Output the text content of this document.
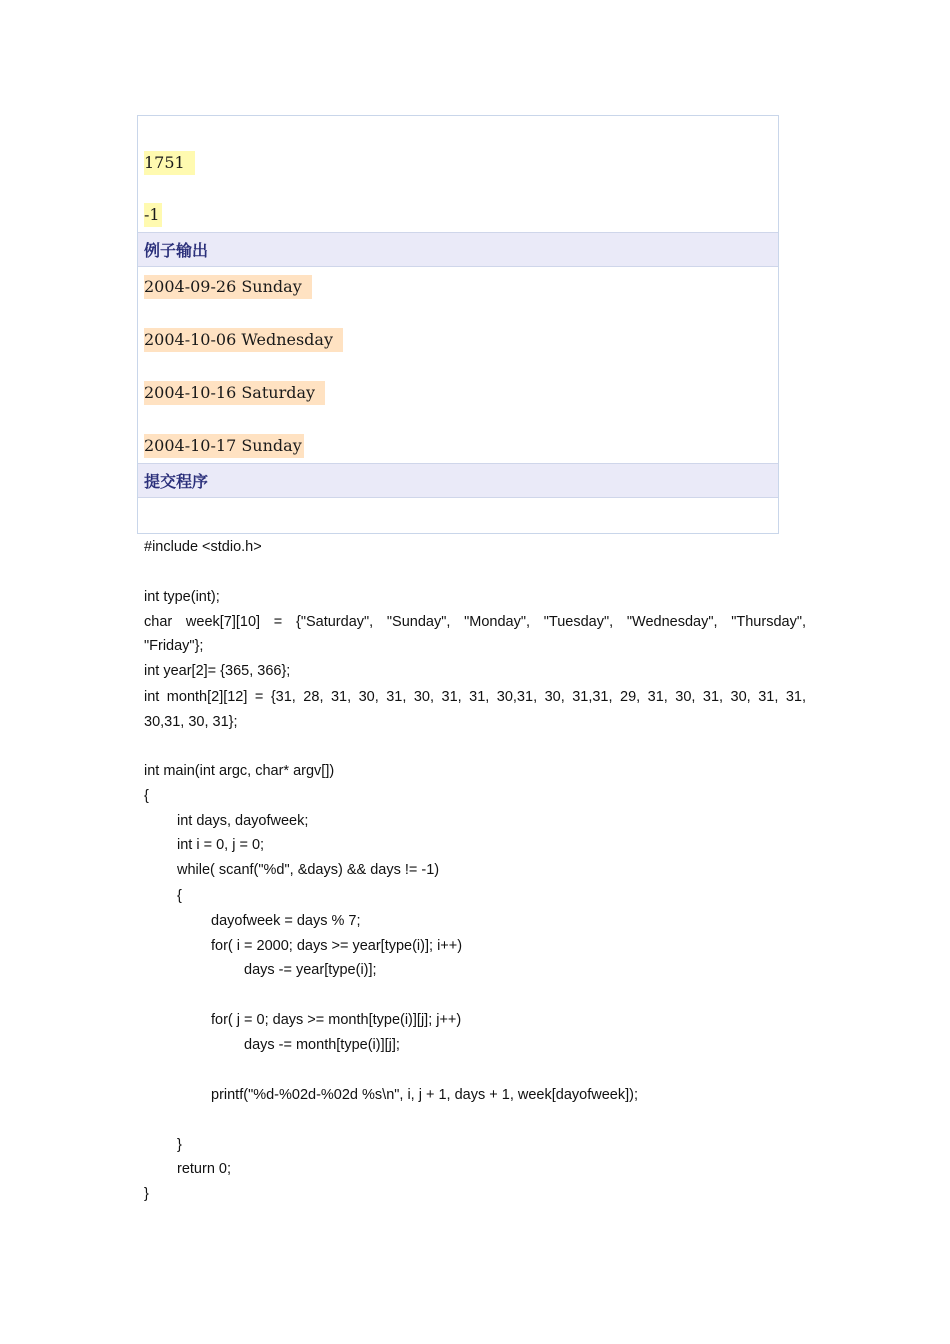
1751
-1
例子输出
2004-09-26 Sunday
2004-10-06 Wednesday
2004-10-16 Saturday
2004-10-17 Sunday
提交程序
#include <stdio.h>
int type(int);
char week[7][10] = {"Saturday", "Sunday", "Monday", "Tuesday", "Wednesday", "Thursday",
"Friday"};
int year[2]= {365, 366};
int month[2][12] = {31, 28, 31, 30, 31, 30, 31, 31, 30,31, 30, 31,31, 29, 31, 30, 31, 30, 31, 31,
30,31, 30, 31};
int main(int argc, char* argv[])
{
int days, dayofweek;
int i = 0, j = 0;
while( scanf("%d", &days) && days != -1)
{
dayofweek = days % 7;
for( i = 2000; days >= year[type(i)]; i++)
days -= year[type(i)];
for( j = 0; days >= month[type(i)][j]; j++)
days -= month[type(i)][j];
printf("%d-%02d-%02d %s\n", i, j + 1, days + 1, week[dayofweek]);
}
return 0;
}
